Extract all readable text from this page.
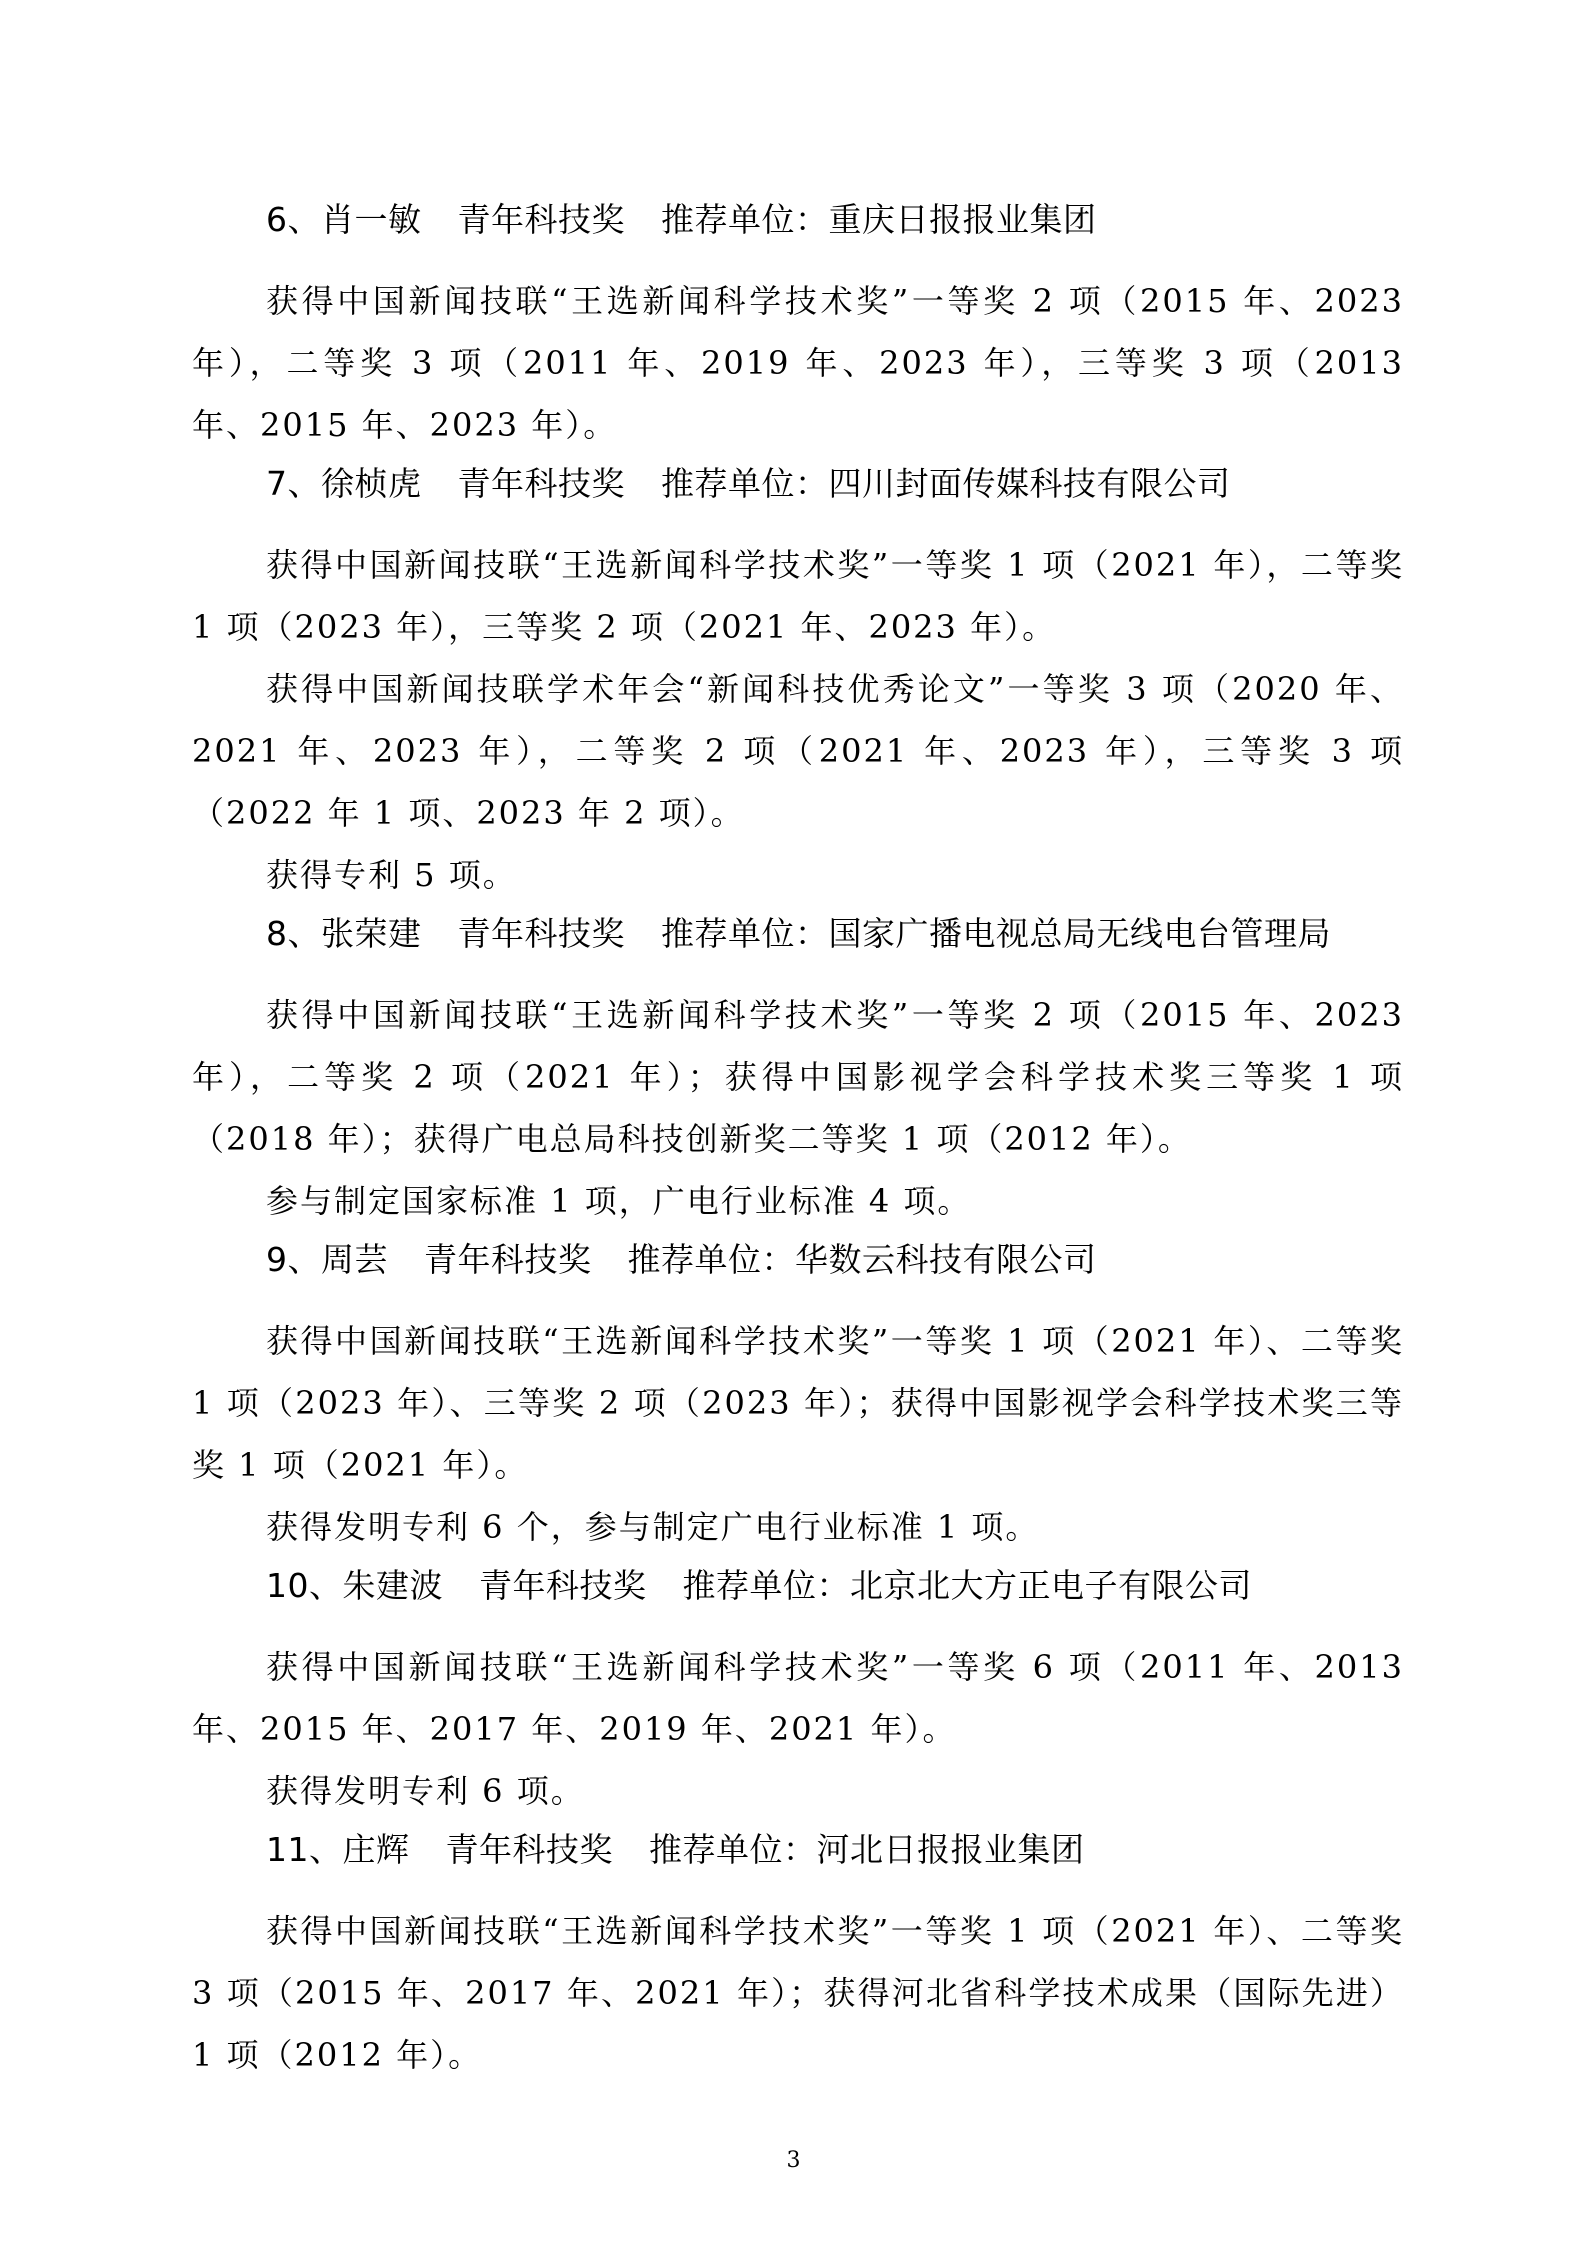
6、肖一敏 青年科技奖 推荐单位：重庆日报报业集团

获得中国新闻技联“王选新闻科学技术奖”一等奖 2 项（2015 年、2023 年），二等奖 3 项（2011 年、2019 年、2023 年），三等奖 3 项（2013 年、2015 年、2023 年）。

7、徐桢虎 青年科技奖 推荐单位：四川封面传媒科技有限公司

获得中国新闻技联“王选新闻科学技术奖”一等奖 1 项（2021 年），二等奖 1 项（2023 年），三等奖 2 项（2021 年、2023 年）。

获得中国新闻技联学术年会“新闻科技优秀论文”一等奖 3 项（2020 年、2021 年、2023 年），二等奖 2 项（2021 年、2023 年），三等奖 3 项（2022 年 1 项、2023 年 2 项）。

获得专利 5 项。

8、张荣建 青年科技奖 推荐单位：国家广播电视总局无线电台管理局

获得中国新闻技联“王选新闻科学技术奖”一等奖 2 项（2015 年、2023 年），二等奖 2 项（2021 年）；获得中国影视学会科学技术奖三等奖 1 项（2018 年）；获得广电总局科技创新奖二等奖 1 项（2012 年）。

参与制定国家标准 1 项，广电行业标准 4 项。

9、周芸 青年科技奖 推荐单位：华数云科技有限公司

获得中国新闻技联“王选新闻科学技术奖”一等奖 1 项（2021 年）、二等奖 1 项（2023 年）、三等奖 2 项（2023 年）；获得中国影视学会科学技术奖三等奖 1 项（2021 年）。

获得发明专利 6 个，参与制定广电行业标准 1 项。

10、朱建波 青年科技奖 推荐单位：北京北大方正电子有限公司

获得中国新闻技联“王选新闻科学技术奖”一等奖 6 项（2011 年、2013 年、2015 年、2017 年、2019 年、2021 年）。

获得发明专利 6 项。

11、庄辉 青年科技奖 推荐单位：河北日报报业集团

获得中国新闻技联“王选新闻科学技术奖”一等奖 1 项（2021 年）、二等奖 3 项（2015 年、2017 年、2021 年）；获得河北省科学技术成果（国际先进）1 项（2012 年）。

3
